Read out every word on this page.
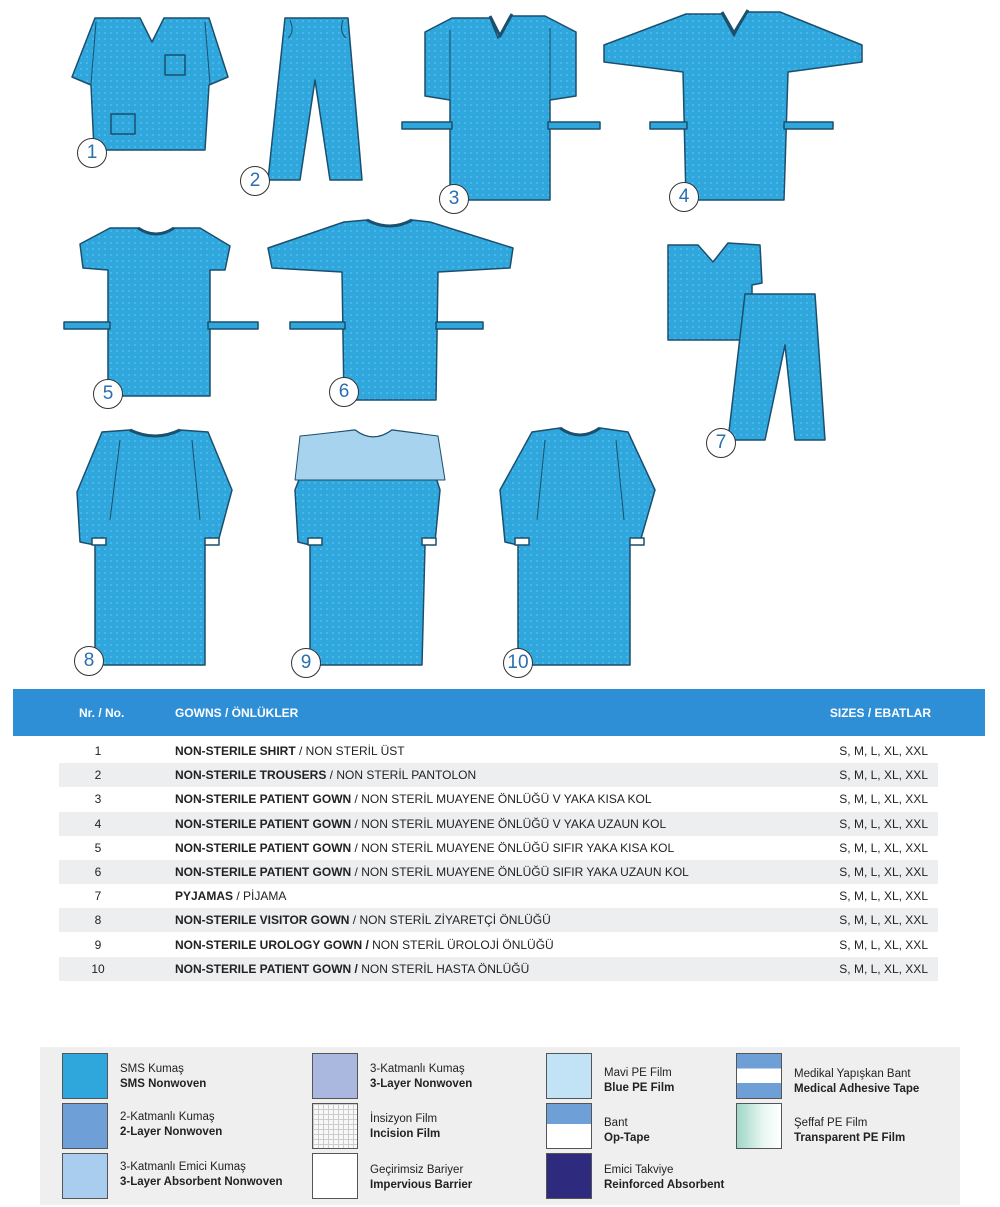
1
2
3	4
5	6
7
8	9	10
Nr. / No.	GOWNS / ÖNLÜKLER	SIZES / EBATLAR
1	NON-STERILE SHIRT / NON STERİL ÜST	S, M, L, XL, XXL
2	NON-STERILE TROUSERS / NON STERİL PANTOLON	S, M, L, XL, XXL
3	NON-STERILE PATIENT GOWN / NON STERİL MUAYENE ÖNLÜĞÜ V YAKA KISA KOL	S, M, L, XL, XXL
4	NON-STERILE PATIENT GOWN / NON STERİL MUAYENE ÖNLÜĞÜ V YAKA UZAUN KOL	S, M, L, XL, XXL
5	NON-STERILE PATIENT GOWN / NON STERİL MUAYENE ÖNLÜĞÜ SIFIR YAKA KISA KOL	S, M, L, XL, XXL
6	NON-STERILE PATIENT GOWN / NON STERİL MUAYENE ÖNLÜĞÜ SIFIR YAKA UZAUN KOL	S, M, L, XL, XXL
7	PYJAMAS / PİJAMA	S, M, L, XL, XXL
8	NON-STERILE VISITOR GOWN / NON STERİL ZİYARETÇİ ÖNLÜĞÜ	S, M, L, XL, XXL
9	NON-STERILE UROLOGY GOWN / NON STERİL ÜROLOJİ ÖNLÜĞÜ	S, M, L, XL, XXL
10	NON-STERILE PATIENT GOWN / NON STERİL HASTA ÖNLÜĞÜ	S, M, L, XL, XXL
SMS Kumaş
SMS Nonwoven
2-Katmanlı Kumaş
2-Layer Nonwoven
3-Katmanlı Emici Kumaş
3-Layer Absorbent Nonwoven
3-Katmanlı Kumaş
3-Layer Nonwoven
İnsizyon Film
Incision Film
Geçirimsiz Bariyer
Impervious Barrier
Mavi PE Film
Blue PE Film
Bant
Op-Tape
Emici Takviye
Reinforced Absorbent
Medikal Yapışkan Bant
Medical Adhesive Tape
Şeffaf PE Film
Transparent PE Film
